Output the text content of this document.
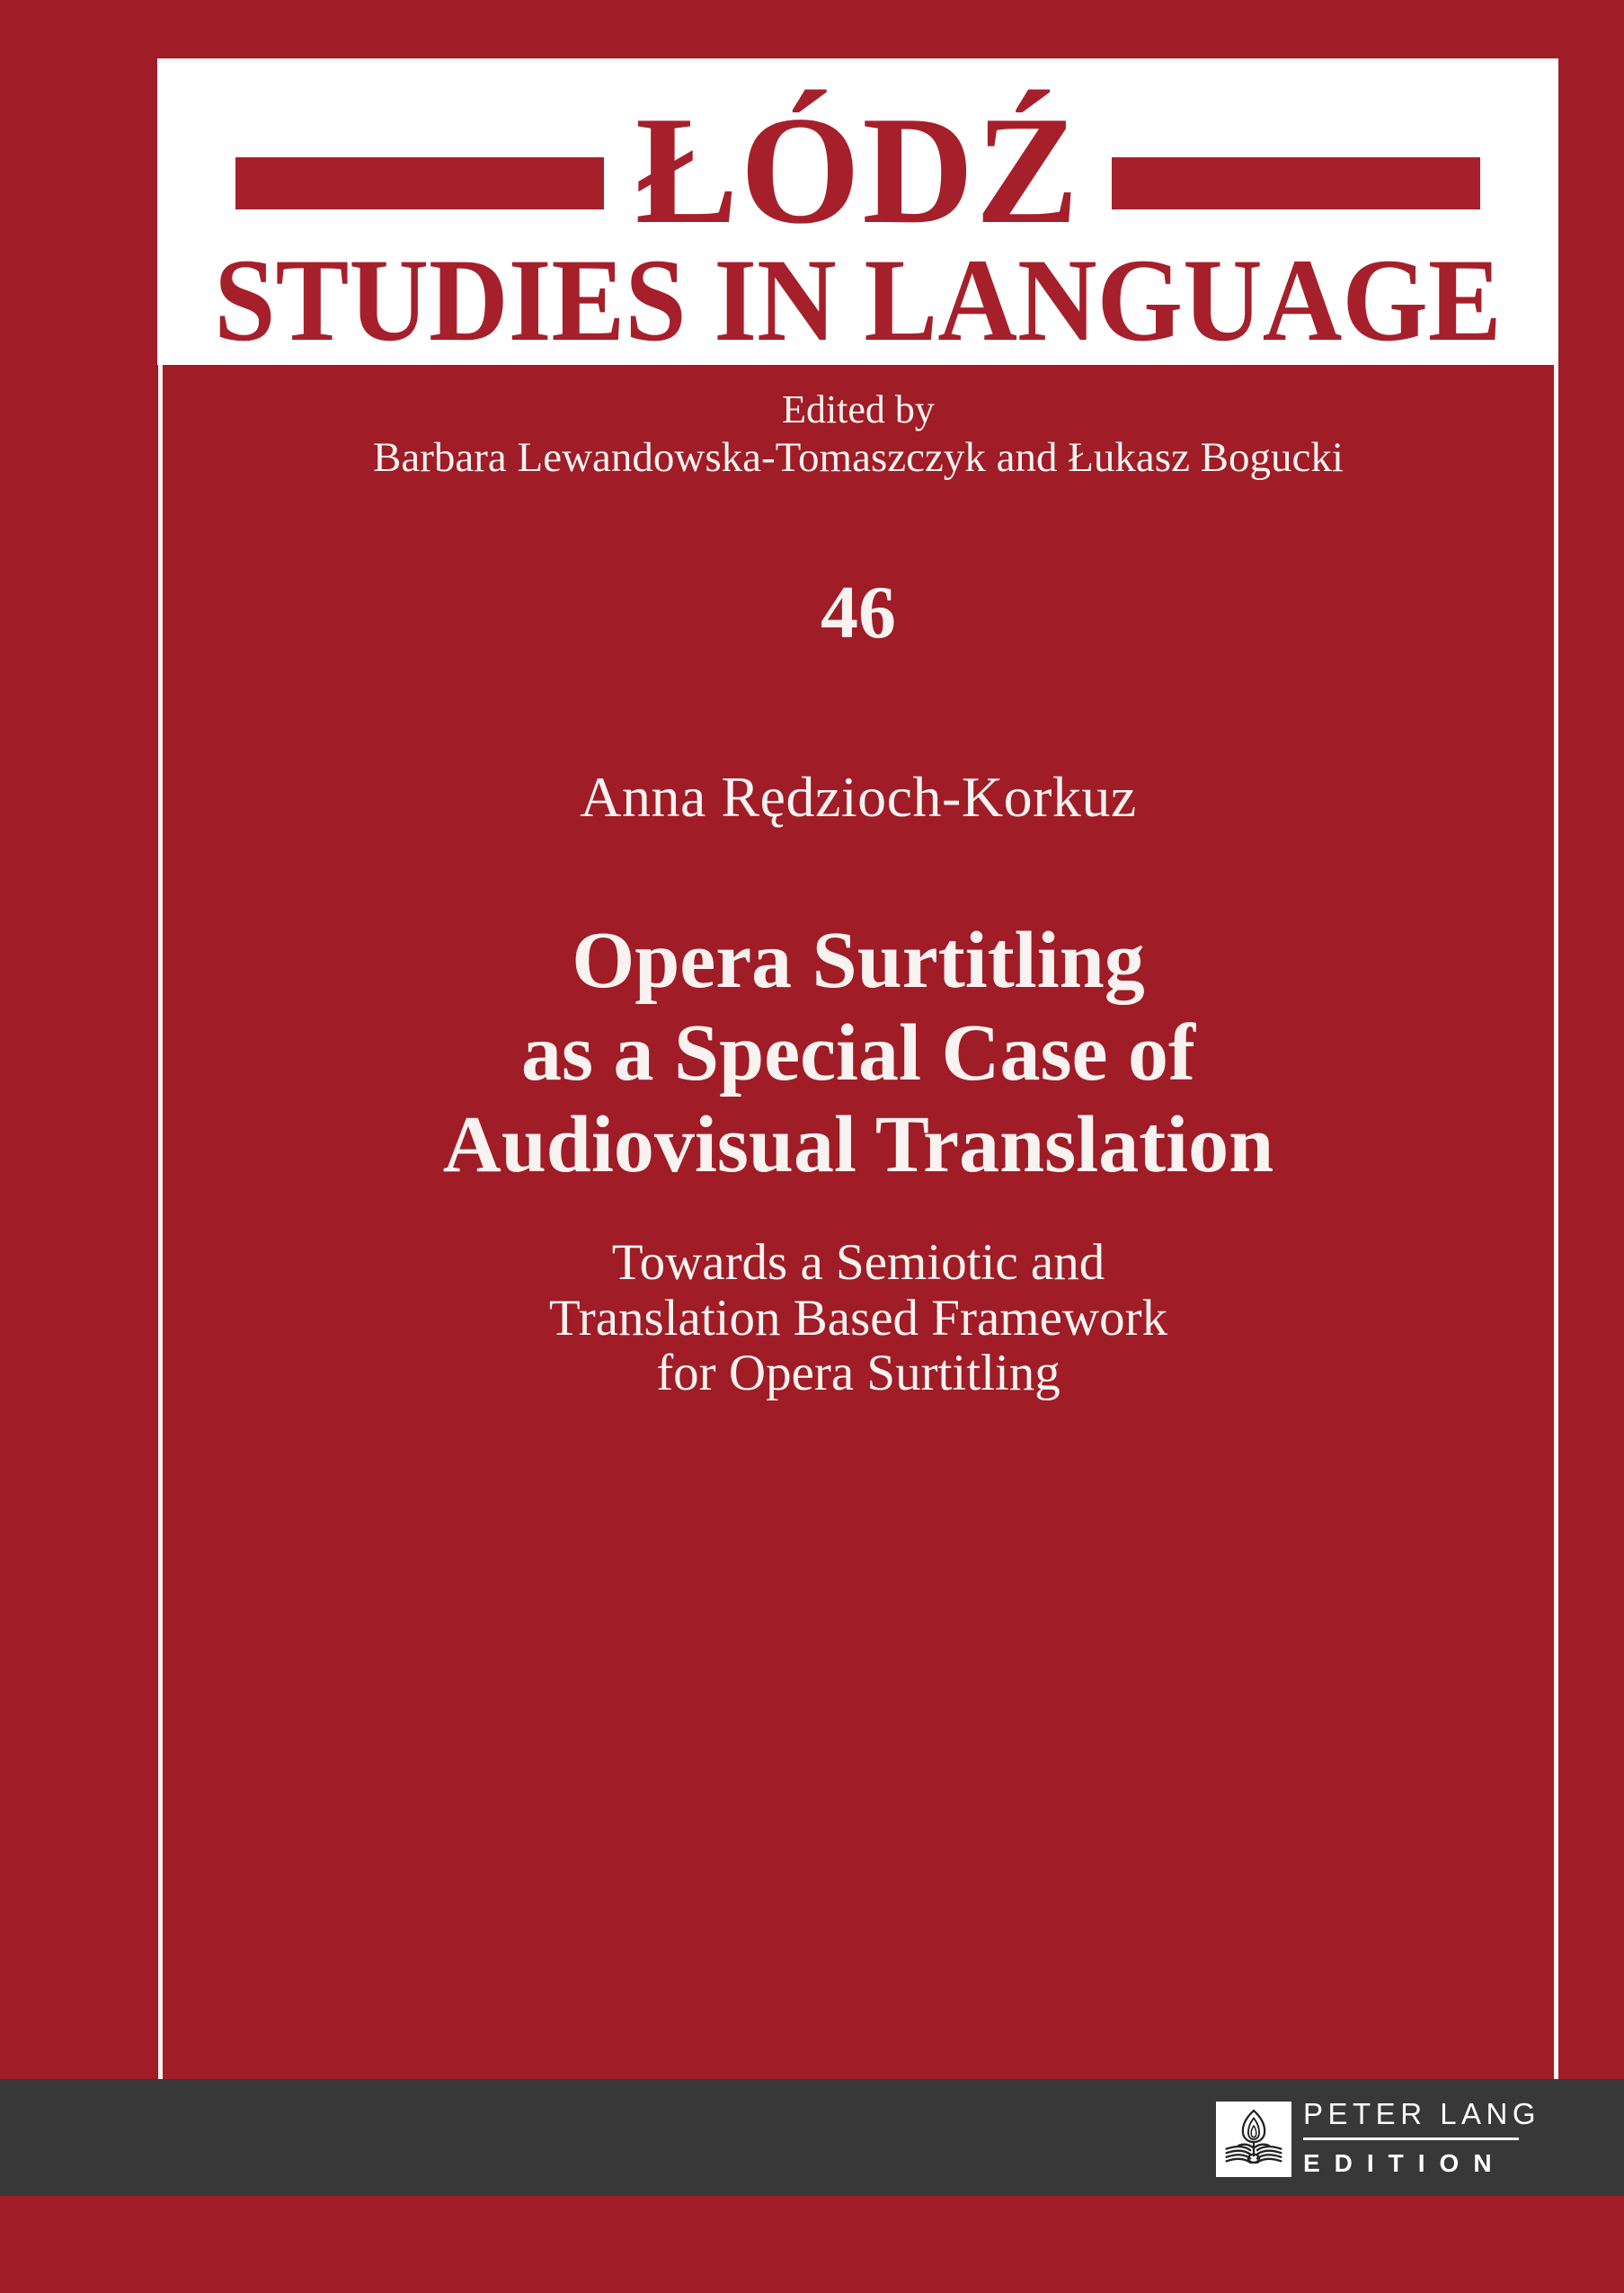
ŁÓDŹ
STUDIES IN LANGUAGE
Edited by
Barbara Lewandowska-Tomaszczyk and Łukasz Bogucki
46
Anna Rędzioch-Korkuz
Opera Surtitling
as a Special Case of
Audiovisual Translation
Towards a Semiotic and
Translation Based Framework
for Opera Surtitling
PETER LANG
EDITION
